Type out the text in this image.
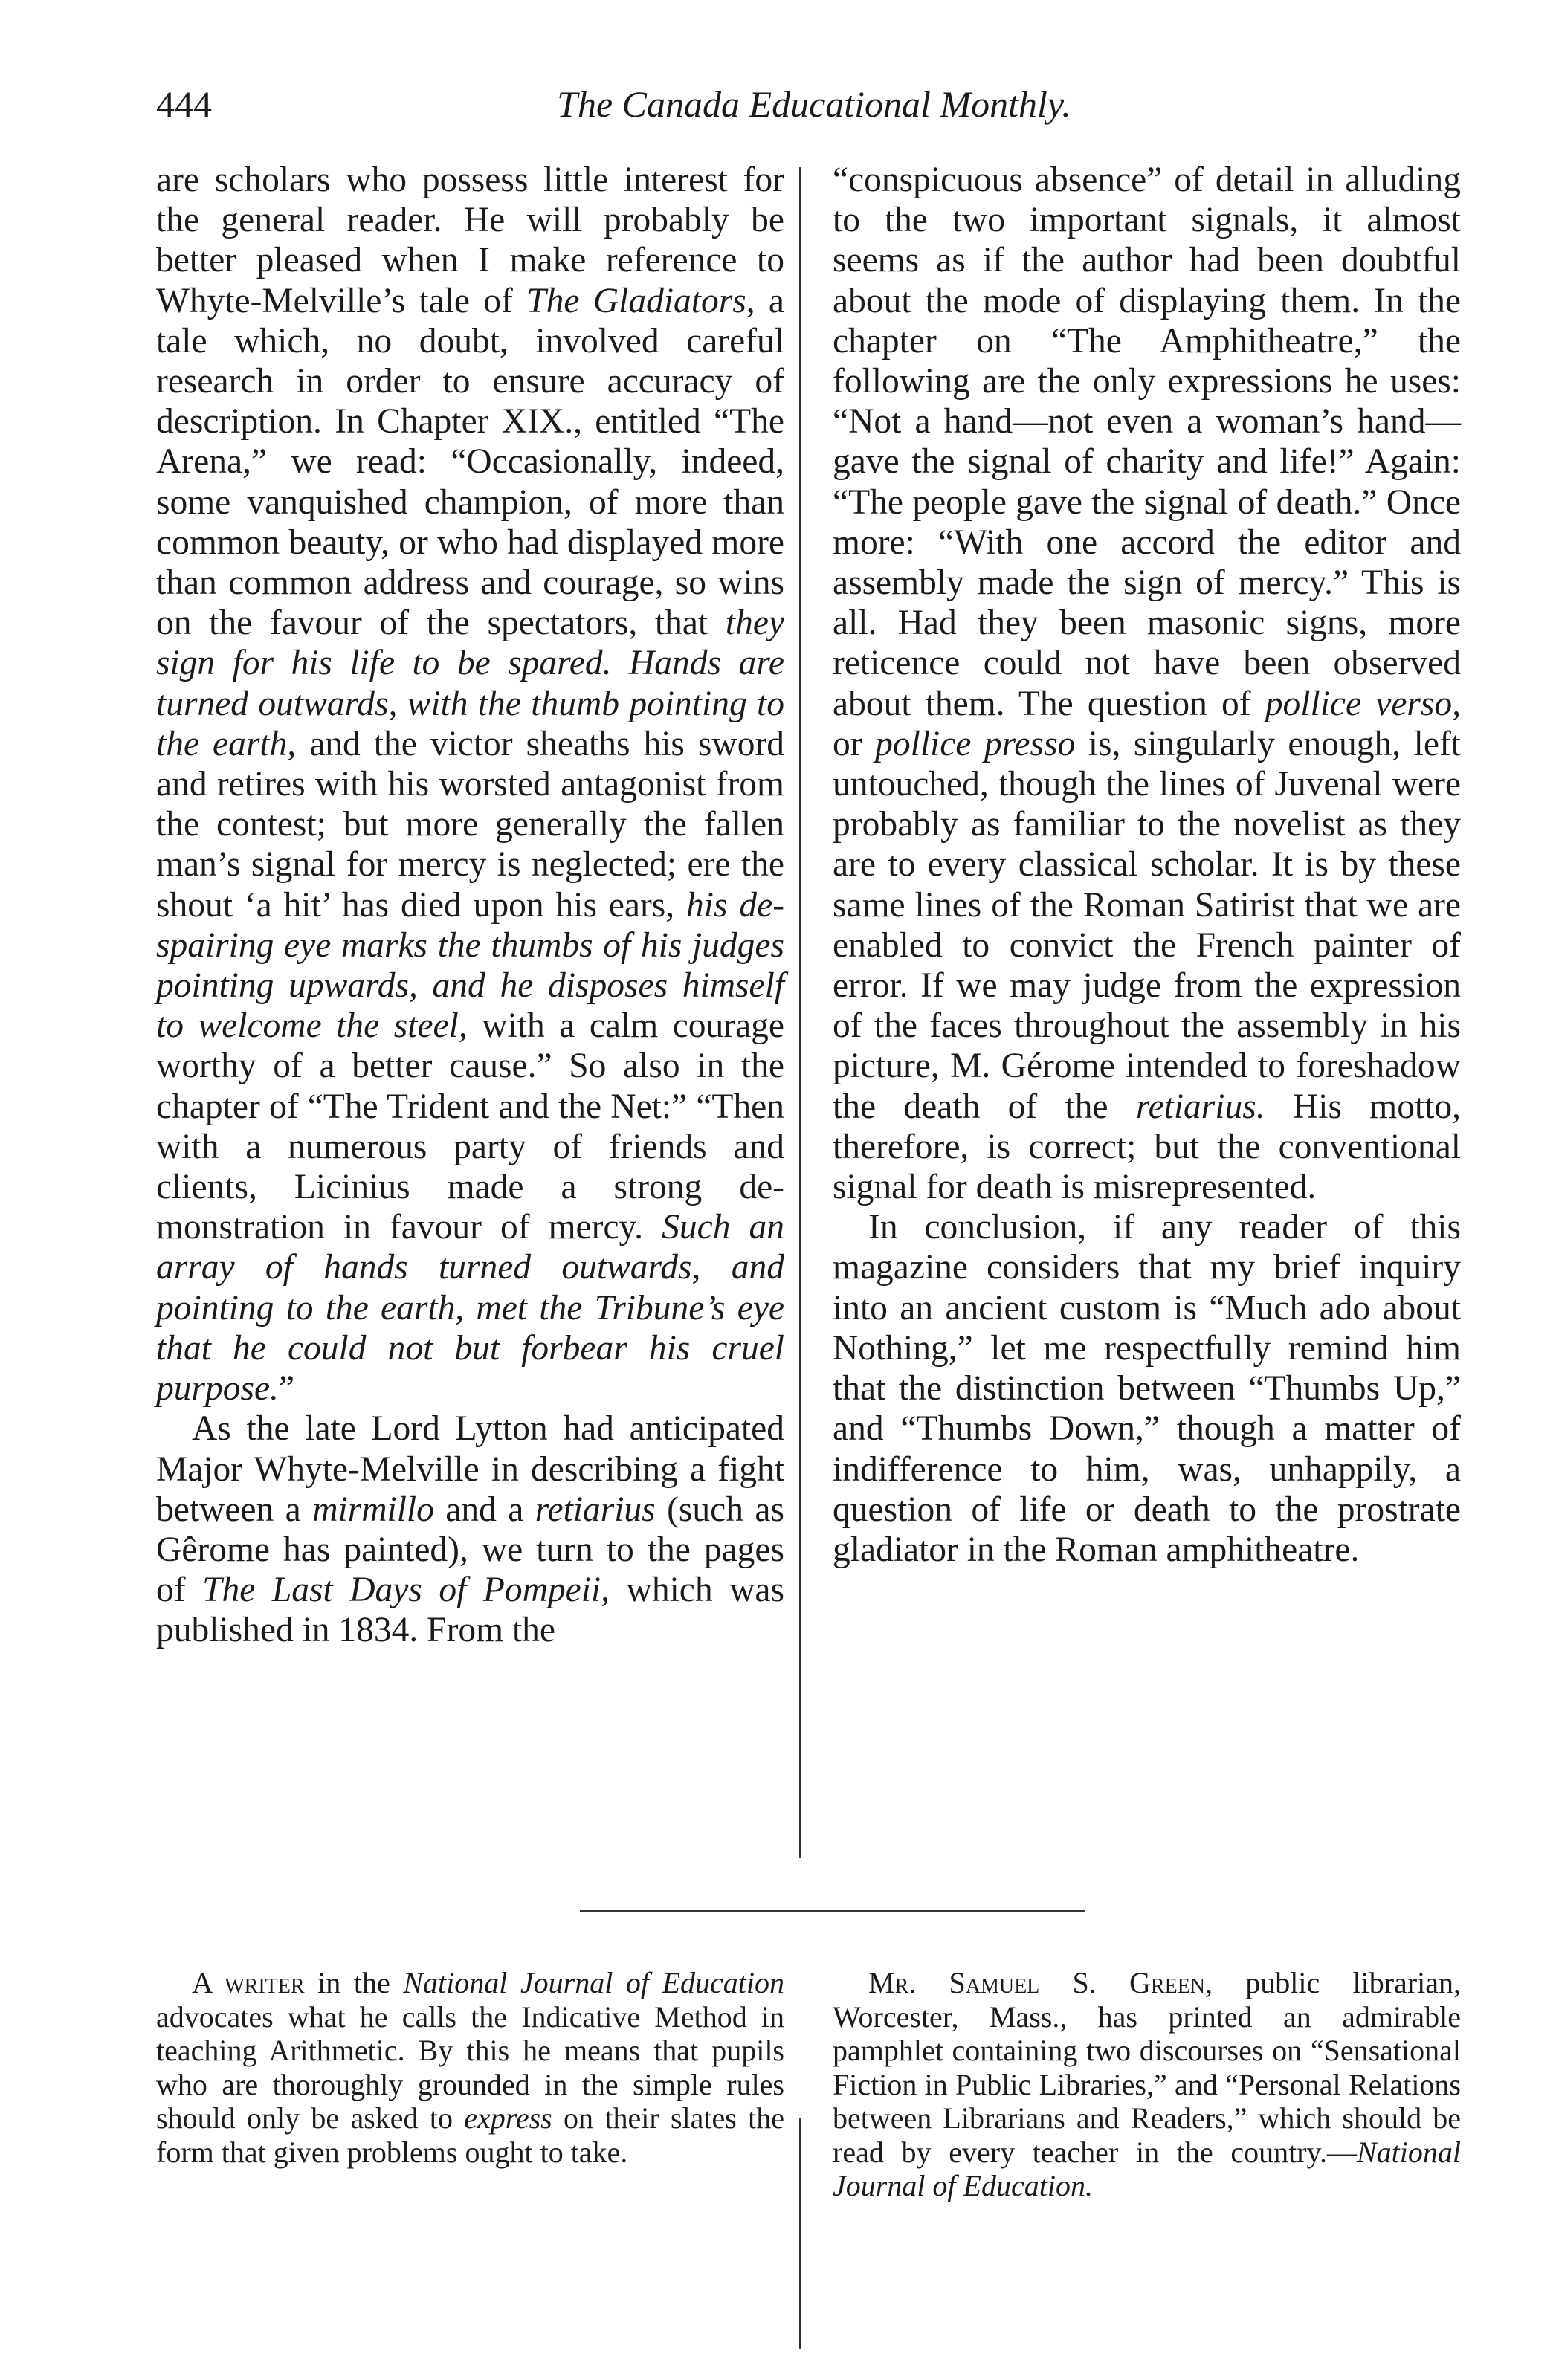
444	The Canada Educational Monthly.

are scholars who possess little interest for the general reader. He will probably be better pleased when I make reference to Whyte-Melville’s tale of The Gladiators, a tale which, no doubt, involved careful research in order to ensure accuracy of description. In Chapter XIX., entitled “The Arena,” we read: “Occasionally, indeed, some vanquished champion, of more than common beauty, or who had displayed more than common address and courage, so wins on the favour of the spectators, that they sign for his life to be spared. Hands are turned outwards, with the thumb pointing to the earth, and the victor sheaths his sword and retires with his worsted antagonist from the contest; but more generally the fallen man’s signal for mercy is neglected; ere the shout ‘a hit’ has died upon his ears, his despairing eye marks the thumbs of his judges pointing upwards, and he disposes himself to welcome the steel, with a calm courage worthy of a better cause.” So also in the chapter of “The Trident and the Net:” “Then with a numerous party of friends and clients, Licinius made a strong demonstration in favour of mercy. Such an array of hands turned outwards, and pointing to the earth, met the Tribune’s eye that he could not but forbear his cruel purpose.”

As the late Lord Lytton had anticipated Major Whyte-Melville in describing a fight between a mirmillo and a retiarius (such as Gêrome has painted), we turn to the pages of The Last Days of Pompeii, which was published in 1834. From the

“conspicuous absence” of detail in alluding to the two important signals, it almost seems as if the author had been doubtful about the mode of displaying them. In the chapter on “The Amphitheatre,” the following are the only expressions he uses: “Not a hand—not even a woman’s hand—gave the signal of charity and life!” Again: “The people gave the signal of death.” Once more: “With one accord the editor and assembly made the sign of mercy.” This is all. Had they been masonic signs, more reticence could not have been observed about them. The question of pollice verso, or pollice presso is, singularly enough, left untouched, though the lines of Juvenal were probably as familiar to the novelist as they are to every classical scholar. It is by these same lines of the Roman Satirist that we are enabled to convict the French painter of error. If we may judge from the expression of the faces throughout the assembly in his picture, M. Gérome intended to foreshadow the death of the retiarius. His motto, therefore, is correct; but the conventional signal for death is misrepresented.

In conclusion, if any reader of this magazine considers that my brief inquiry into an ancient custom is “Much ado about Nothing,” let me respectfully remind him that the distinction between “Thumbs Up,” and “Thumbs Down,” though a matter of indifference to him, was, unhappily, a question of life or death to the prostrate gladiator in the Roman amphitheatre.

A writer in the National Journal of Education advocates what he calls the Indicative Method in teaching Arithmetic. By this he means that pupils who are thoroughly grounded in the simple rules should only be asked to express on their slates the form that given problems ought to take.

Mr. Samuel S. Green, public librarian, Worcester, Mass., has printed an admirable pamphlet containing two discourses on “Sensational Fiction in Public Libraries,” and “Personal Relations between Librarians and Readers,” which should be read by every teacher in the country.—National Journal of Education.
